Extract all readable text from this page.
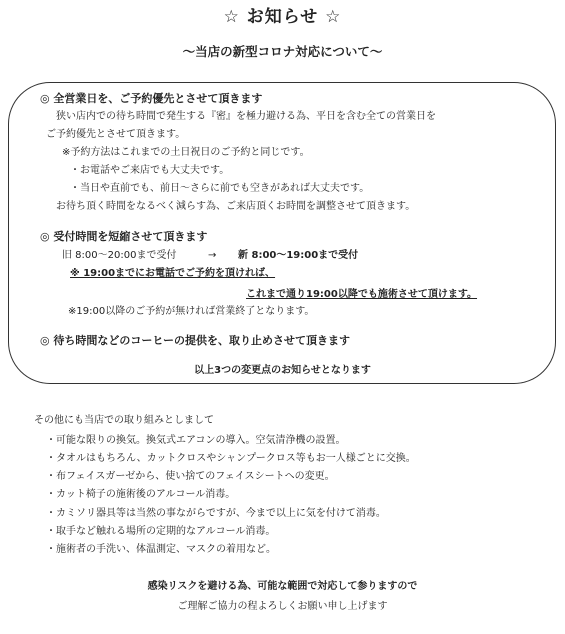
☆ お知らせ ☆
～当店の新型コロナ対応について～
◎ 全営業日を、ご予約優先とさせて頂きます
狭い店内での待ち時間で発生する『密』を極力避ける為、平日を含む全ての営業日を
ご予約優先とさせて頂きます。
※予約方法はこれまでの土日祝日のご予約と同じです。
・お電話やご来店でも大丈夫です。
・当日や直前でも、前日～さらに前でも空きがあれば大丈夫です。
お待ち頂く時間をなるべく減らす為、ご来店頂くお時間を調整させて頂きます。
◎ 受付時間を短縮させて頂きます
旧 8:00～20:00まで受付	→ 新 8:00～19:00まで受付
※ 19:00までにお電話でご予約を頂ければ、
これまで通り19:00以降でも施術させて頂けます。
※19:00以降のご予約が無ければ営業終了となります。
◎ 待ち時間などのコーヒーの提供を、取り止めさせて頂きます
以上3つの変更点のお知らせとなります
その他にも当店での取り組みとしまして
・可能な限りの換気。換気式エアコンの導入。空気清浄機の設置。
・タオルはもちろん、カットクロスやシャンプークロス等もお一人様ごとに交換。
・布フェイスガーゼから、使い捨てのフェイスシートへの変更。
・カット椅子の施術後のアルコール消毒。
・カミソリ器具等は当然の事ながらですが、今まで以上に気を付けて消毒。
・取手など触れる場所の定期的なアルコール消毒。
・施術者の手洗い、体温測定、マスクの着用など。
感染リスクを避ける為、可能な範囲で対応して参りますので
ご理解ご協力の程よろしくお願い申し上げます
